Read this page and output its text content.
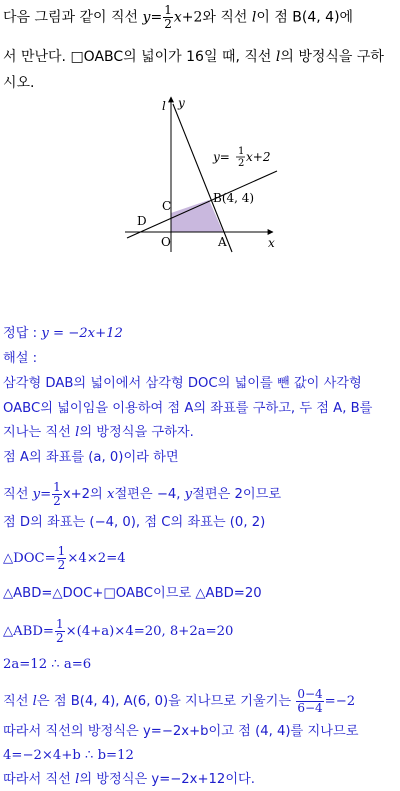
다음 그림과 같이 직선 $y= \frac{1}{2} x+2$와 직선 l이 점 B(4, 4)에
서 만난다. □OABC의 넓이가 16일 때, 직선 l의 방정식을 구하
시오.
l y
x
O	A
B(4, 4)
C
D
y= 1
2 x+2
정답 : y = −2x+12
해설 :
삼각형 DAB의 넓이에서 삼각형 DOC의 넓이를 뺀 값이 사각형
OABC의 넓이임을 이용하여 점 A의 좌표를 구하고, 두 점 A, B를
지나는 직선 l의 방정식을 구하자.
점 A의 좌표를 (a, 0)이라 하면
직선 $y= \frac{1}{2} x+2$의 x절편은 −4, y절편은 2이므로
점 D의 좌표는 (−4, 0), 점 C의 좌표는 (0, 2)
△DOC= $\frac{1}{2} \times 4\times 2=4$
△ABD=△DOC+□OABC이므로 △ABD=20
△ABD= $\frac{1}{2} \times(4+a)\times 4=20$, 8+2a=20
2a=12 ∴ a=6
직선 l은 점 B(4, 4), A(6, 0)을 지나므로 기울기는 $\frac{0-4}{6-4} =-2$
따라서 직선의 방정식은 y=−2x+b이고 점 (4, 4)를 지나므로
4=−2×4+b ∴ b=12
따라서 직선 l의 방정식은 y=−2x+12이다.
